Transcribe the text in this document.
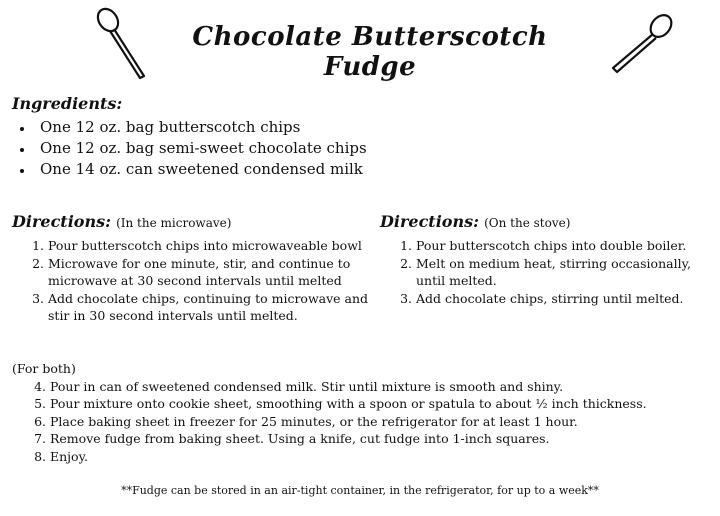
Chocolate Butterscotch Fudge
Ingredients:
• One 12 oz. bag butterscotch chips
• One 12 oz. bag semi-sweet chocolate chips
• One 14 oz. can sweetened condensed milk
Directions: (In the microwave)
1. Pour butterscotch chips into microwaveable bowl
2. Microwave for one minute, stir, and continue to microwave at 30 second intervals until melted
3. Add chocolate chips, continuing to microwave and stir in 30 second intervals until melted.
Directions: (On the stove)
1. Pour butterscotch chips into double boiler.
2. Melt on medium heat, stirring occasionally, until melted.
3. Add chocolate chips, stirring until melted.
(For both)
4. Pour in can of sweetened condensed milk. Stir until mixture is smooth and shiny.
5. Pour mixture onto cookie sheet, smoothing with a spoon or spatula to about ½ inch thickness.
6. Place baking sheet in freezer for 25 minutes, or the refrigerator for at least 1 hour.
7. Remove fudge from baking sheet. Using a knife, cut fudge into 1-inch squares.
8. Enjoy.
**Fudge can be stored in an air-tight container, in the refrigerator, for up to a week**
